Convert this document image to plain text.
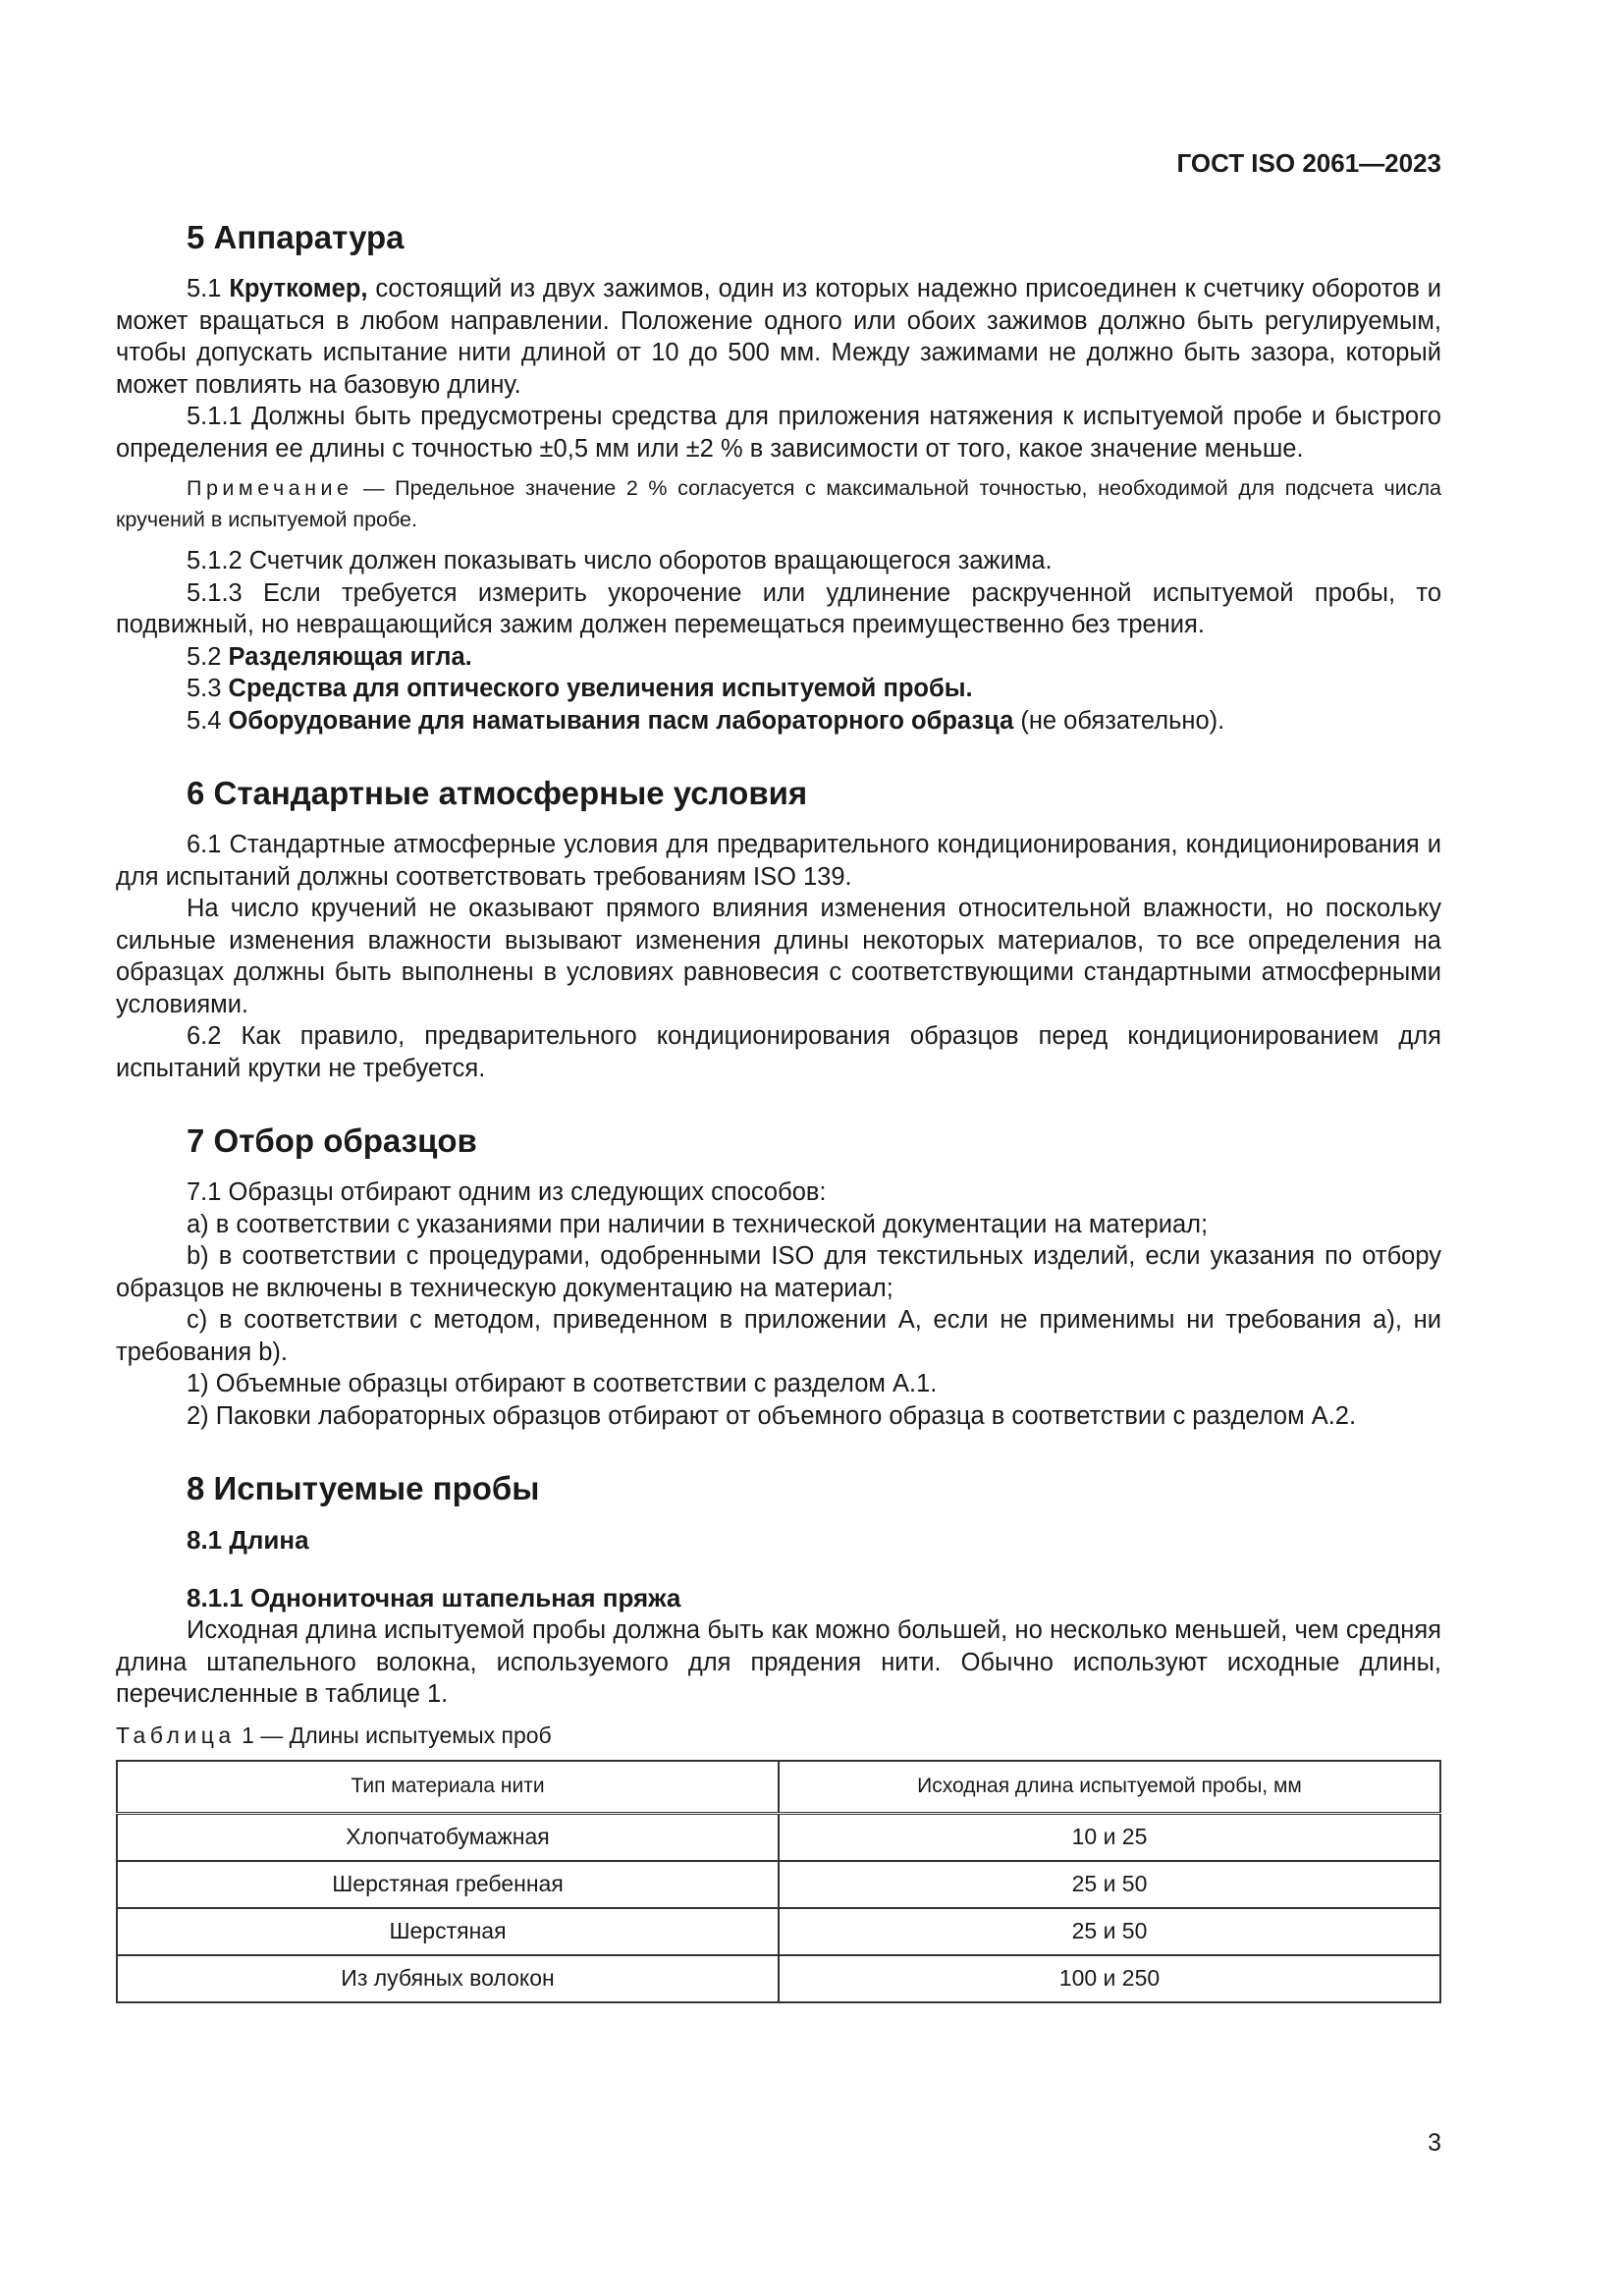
ГОСТ ISO 2061—2023
5 Аппаратура

5.1 Круткомер, состоящий из двух зажимов, один из которых надежно присоединен к счетчику оборотов и может вращаться в любом направлении. Положение одного или обоих зажимов должно быть регулируемым, чтобы допускать испытание нити длиной от 10 до 500 мм. Между зажимами не должно быть зазора, который может повлиять на базовую длину.

5.1.1 Должны быть предусмотрены средства для приложения натяжения к испытуемой пробе и быстрого определения ее длины с точностью ±0,5 мм или ±2 % в зависимости от того, какое значение меньше.

Примечание — Предельное значение 2 % согласуется с максимальной точностью, необходимой для подсчета числа кручений в испытуемой пробе.

5.1.2 Счетчик должен показывать число оборотов вращающегося зажима.

5.1.3 Если требуется измерить укорочение или удлинение раскрученной испытуемой пробы, то подвижный, но невращающийся зажим должен перемещаться преимущественно без трения.

5.2 Разделяющая игла.

5.3 Средства для оптического увеличения испытуемой пробы.

5.4 Оборудование для наматывания пасм лабораторного образца (не обязательно).

6 Стандартные атмосферные условия

6.1 Стандартные атмосферные условия для предварительного кондиционирования, кондиционирования и для испытаний должны соответствовать требованиям ISO 139.

На число кручений не оказывают прямого влияния изменения относительной влажности, но поскольку сильные изменения влажности вызывают изменения длины некоторых материалов, то все определения на образцах должны быть выполнены в условиях равновесия с соответствующими стандартными атмосферными условиями.

6.2 Как правило, предварительного кондиционирования образцов перед кондиционированием для испытаний крутки не требуется.

7 Отбор образцов

7.1 Образцы отбирают одним из следующих способов:

a) в соответствии с указаниями при наличии в технической документации на материал;

b) в соответствии с процедурами, одобренными ISO для текстильных изделий, если указания по отбору образцов не включены в техническую документацию на материал;

c) в соответствии с методом, приведенном в приложении А, если не применимы ни требования a), ни требования b).

1) Объемные образцы отбирают в соответствии с разделом А.1.

2) Паковки лабораторных образцов отбирают от объемного образца в соответствии с разделом А.2.

8 Испытуемые пробы
8.1 Длина
8.1.1 Однониточная штапельная пряжа

Исходная длина испытуемой пробы должна быть как можно большей, но несколько меньшей, чем средняя длина штапельного волокна, используемого для прядения нити. Обычно используют исходные длины, перечисленные в таблице 1.

Таблица 1 — Длины испытуемых проб

Тип материала нити	Исходная длина испытуемой пробы, мм
Хлопчатобумажная	10 и 25
Шерстяная гребенная	25 и 50
Шерстяная	25 и 50
Из лубяных волокон	100 и 250
3
